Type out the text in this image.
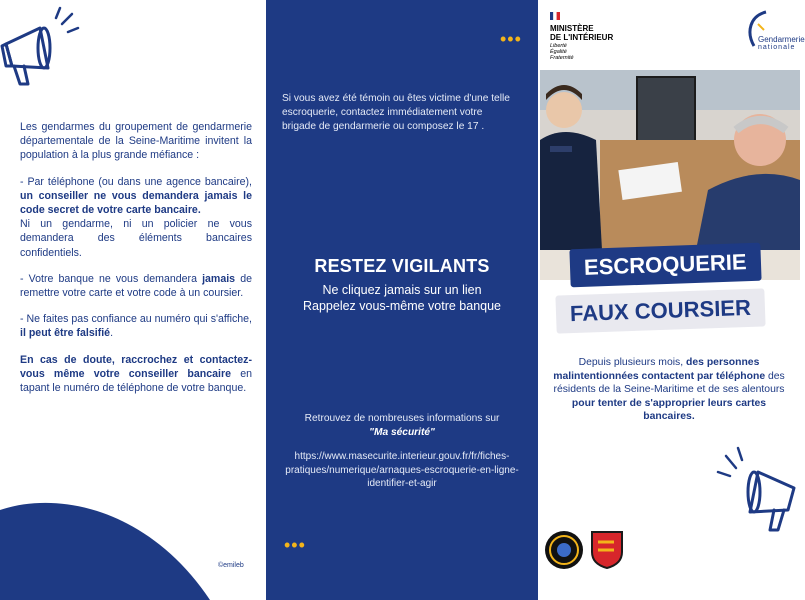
Les gendarmes du groupement de gendarmerie départementale de la Seine-Maritime invitent la population à la plus grande méfiance :

- Par téléphone (ou dans une agence bancaire), un conseiller ne vous demandera jamais le code secret de votre carte bancaire.
Ni un gendarme, ni un policier ne vous demandera des éléments bancaires confidentiels.

- Votre banque ne vous demandera jamais de remettre votre carte et votre code à un coursier.

- Ne faites pas confiance au numéro qui s'affiche, il peut être falsifié.

En cas de doute, raccrochez et contactez-vous même votre conseiller bancaire en tapant le numéro de téléphone de votre banque.

©emileb
•••
Si vous avez été témoin ou êtes victime d'une telle escroquerie, contactez immédiatement votre brigade de gendarmerie ou composez le 17 .
RESTEZ VIGILANTS
Ne cliquez jamais sur un lien
Rappelez vous-même votre banque
Retrouvez de nombreuses informations sur
"Ma sécurité"
https://www.masecurite.interieur.gouv.fr/fr/fiches-pratiques/numerique/arnaques-escroquerie-en-ligne-identifier-et-agir
•••
MINISTÈRE
DE L'INTÉRIEUR
Liberté
Égalité
Fraternité
Gendarmerie
nationale
ESCROQUERIE
FAUX COURSIER
Depuis plusieurs mois, des personnes malintentionnées contactent par téléphone des résidents de la Seine-Maritime et de ses alentours pour tenter de s'approprier leurs cartes bancaires.
